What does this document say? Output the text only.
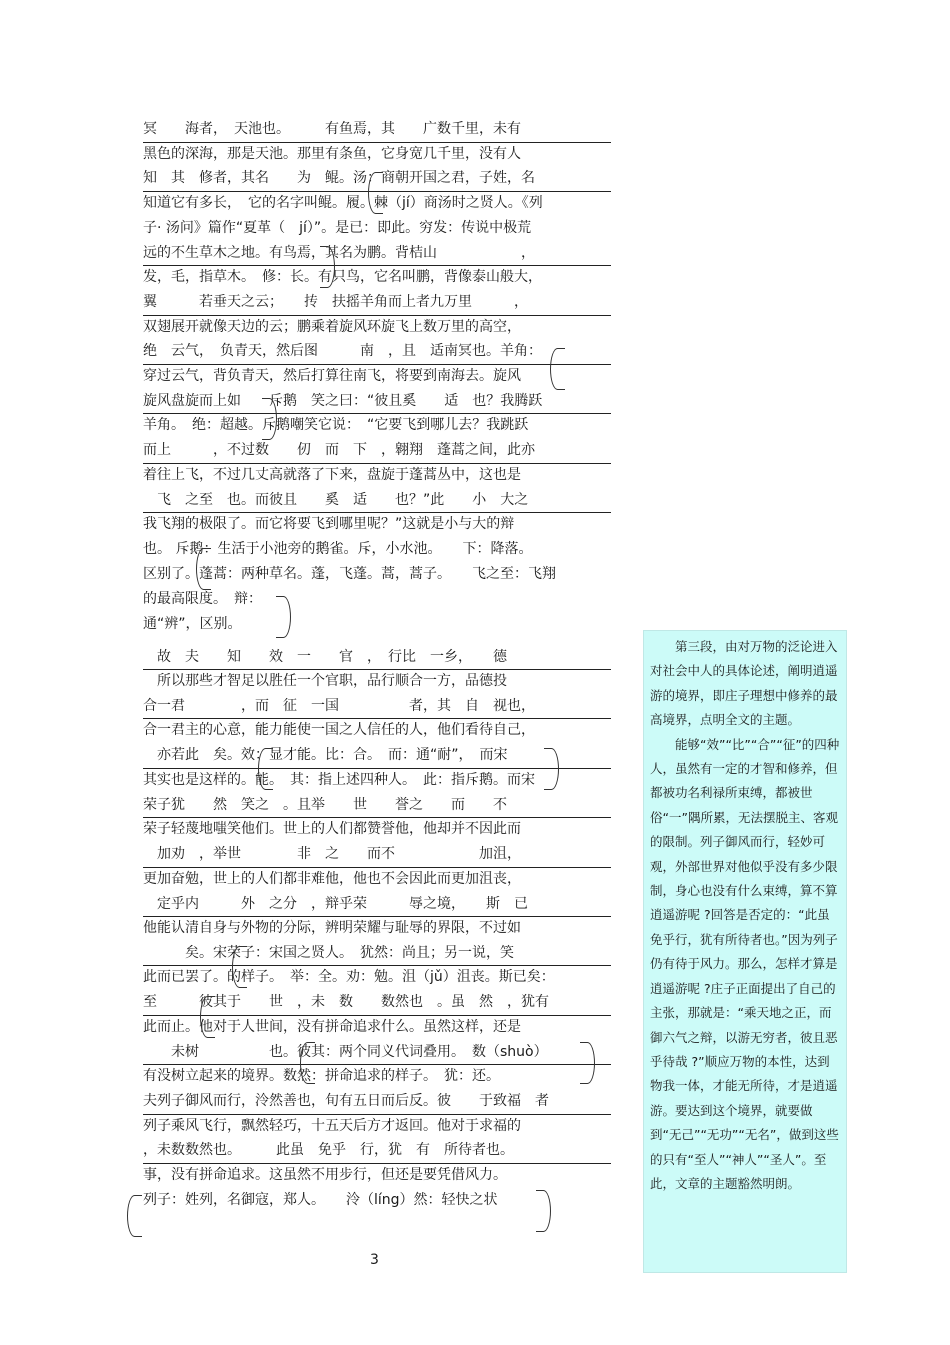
冥　　海者，　天池也。　　　有鱼焉，其　　广数千里，未有
黑色的深海，那是天池。那里有条鱼，它身宽几千里，没有人
知　其　修者，其名　　为　鲲。汤：商朝开国之君，子姓，名
知道它有多长，　它的名字叫鲲。履。棘（jí）商汤时之贤人。《列
子· 汤问》篇作“夏革（　jí）”。是已：即此。穷发：传说中极荒
远的不生草木之地。有鸟焉，其名为鹏。背桔山　　　　　　，
发，毛，指草木。　修：长。有只鸟，它名叫鹏，背像泰山般大，
翼　　　若垂天之云；　　抟　扶摇羊角而上者九万里　　　，
双翅展开就像天边的云；鹏乘着旋风环旋飞上数万里的高空，
绝　云气，　负青天，然后图　　　南　，且　适南冥也。羊角：
穿过云气，背负青天，然后打算往南飞，将要到南海去。旋风
旋风盘旋而上如　　斥鹅　笑之曰：“彼且奚　　适　也？我腾跃
羊角。　绝：超越。斥鹅嘲笑它说：　“它要飞到哪儿去？我跳跃
而上　　　，不过数　　仞　而　下　，翱翔　蓬蒿之间，此亦
着往上飞，不过几丈高就落了下来，盘旋于蓬蒿丛中，这也是
　飞　之至　也。而彼且　　奚　适　　也？”此　　小　大之
我飞翔的极限了。而它将要飞到哪里呢？”这就是小与大的辩
也。 斥鹅：生活于小池旁的鹅雀。斥，小水池。　　下：降落。
区别了。蓬蒿：两种草名。蓬，飞蓬。蒿，蒿子。　　飞之至：飞翔
的最高限度。　辩：
通“辨”，区别。
　故　夫　　知　　效　一　　官　，　行比　一乡，　　德
　所以那些才智足以胜任一个官职，品行顺合一方，品德投
合一君　　　　，而　征　一国　　　　　者，其　自　视也，
合一君主的心意，能力能使一国之人信任的人，他们看待自己，
　亦若此　矣。效：显才能。比：合。　而：通“耐”，　而宋
其实也是这样的。能。　其：指上述四种人。　此：指斥鹅。而宋
荣子犹　　然　笑之　。且举　　世　　誉之　　而　　不
荣子轻蔑地嗤笑他们。世上的人们都赞誉他，他却并不因此而
　加劝　，举世　　　　非　之　　而不　　　　　　加沮，
更加奋勉，世上的人们都非难他，他也不会因此而更加沮丧，
　定乎内　　　外　之分　，辩乎荣　　　辱之境，　　斯　已
他能认清自身与外物的分际，辨明荣耀与耻辱的界限，不过如
　　　矣。宋荣子：宋国之贤人。　犹然：尚且；另一说，笑
此而已罢了。的样子。　举：全。劝：勉。沮（jǔ）沮丧。斯已矣：
至　　　彼其于　　世　，未　数　　数然也　。虽　然　，犹有
此而止。他对于人世间，没有拼命追求什么。虽然这样，还是
　　未树　　　　　也。彼其：两个同义代词叠用。　数（shuò）
有没树立起来的境界。数然：拼命追求的样子。　犹：还。
夫列子御风而行，泠然善也，旬有五日而后反。彼　　于致福　者
列子乘风飞行，飘然轻巧，十五天后方才返回。他对于求福的
，未数数然也。　　　此虽　免乎　行，犹　有　所待者也。
事，没有拼命追求。这虽然不用步行，但还是要凭借风力。
列子：姓列，名御寇，郑人。　　泠（líng）然：轻快之状

第三段，由对万物的泛论进入对社会中人的具体论述，阐明逍遥游的境界，即庄子理想中修养的最高境界，点明全文的主题。

能够“效”“比”“合”“征”的四种人，虽然有一定的才智和修养，但都被功名利禄所束缚，都被世俗“一”隅所累，无法摆脱主、客观的限制。列子御风而行，轻妙可观，外部世界对他似乎没有多少限制，身心也没有什么束缚，算不算逍遥游呢 ?回答是否定的：“此虽免乎行，犹有所待者也。”因为列子仍有待于风力。那么，怎样才算是逍遥游呢 ?庄子正面提出了自己的主张，那就是：“乘天地之正，而御六气之辩，以游无穷者，彼且恶乎待哉 ?”顺应万物的本性，达到物我一体，才能无所待，才是逍遥游。要达到这个境界，就要做到“无己”“无功”“无名”，做到这些的只有“至人”“神人”“圣人”。至此，文章的主题豁然明朗。

3
